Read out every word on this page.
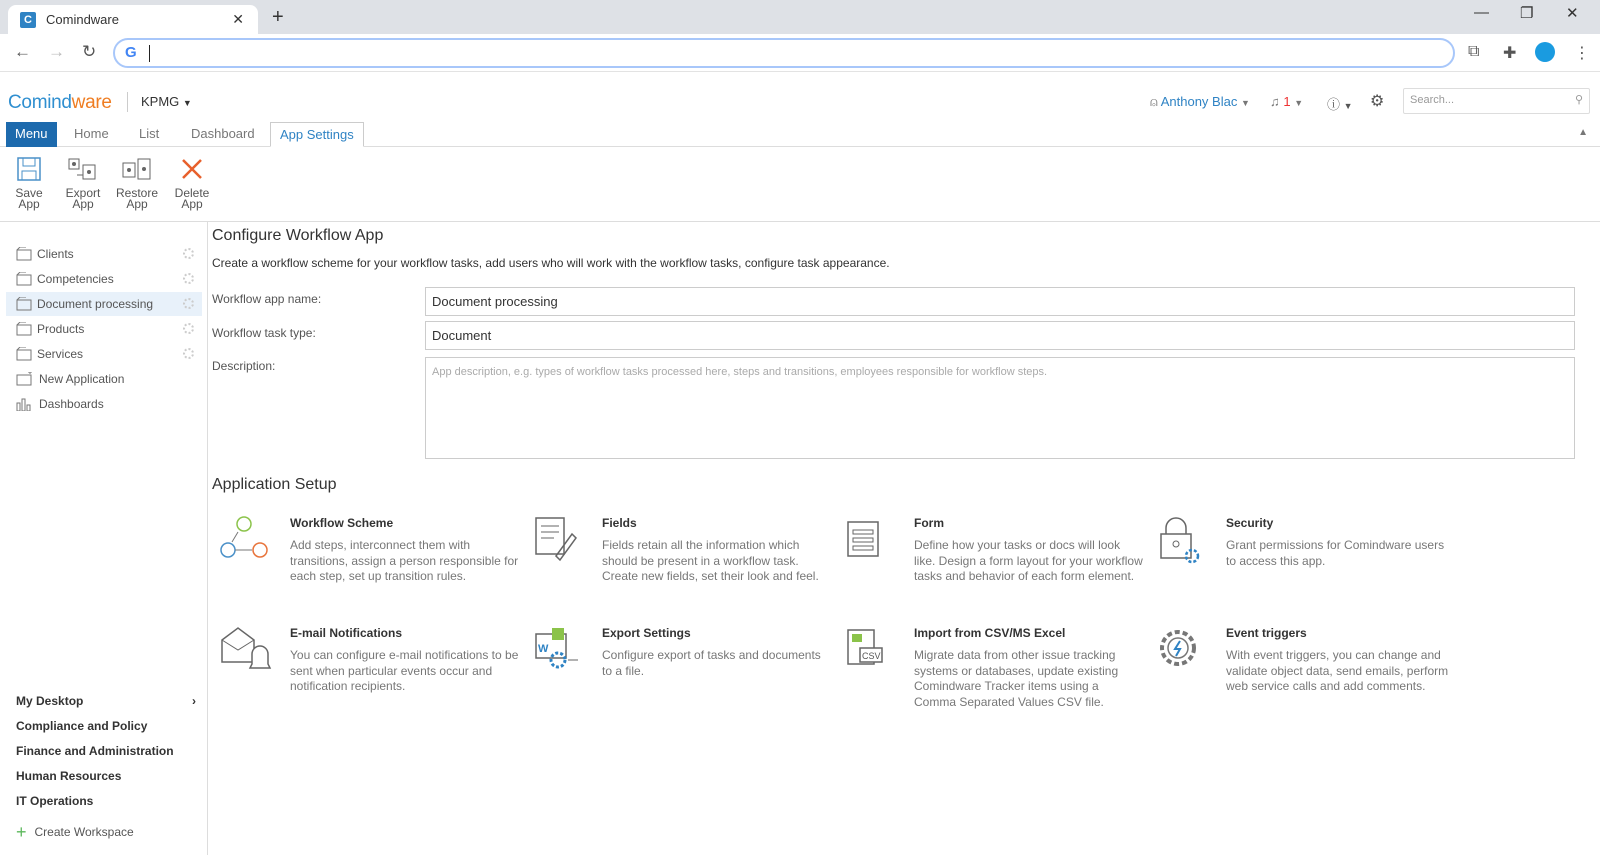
C	Comindware	✕ +	— ❐ ✕
← → ↻ G	⧉ ✚	⋮
Comindware KPMG ▼	⍝ Anthony Blac ▼ ♫ 1 ▼ ⓘ ▼ ⚙	Search...	⚲
Menu	Home	List	Dashboard	App Settings	▲
Save
App
Export
App
Restore
App
Delete
App
Clients
Competencies
Document processing
Products
Services
New Application
Dashboards
My Desktop	›
Compliance and Policy
Finance and Administration
Human Resources
IT Operations
+ Create Workspace
Configure Workflow App
Create a workflow scheme for your workflow tasks, add users who will work with the workflow tasks, configure task appearance.
Workflow app name:	Document processing
Workflow task type:	Document
Description:	App description, e.g. types of workflow tasks processed here, steps and transitions, employees responsible for workflow steps.
Application Setup
Workflow Scheme
Add steps, interconnect them with transitions, assign a person responsible for each step, set up transition rules.
Fields
Fields retain all the information which should be present in a workflow task. Create new fields, set their look and feel.
Form
Define how your tasks or docs will look like. Design a form layout for your workflow tasks and behavior of each form element.
Security
Grant permissions for Comindware users to access this app.
E-mail Notifications
You can configure e-mail notifications to be sent when particular events occur and notification recipients.
W
Export Settings
Configure export of tasks and documents to a file.
CSV
Import from CSV/MS Excel
Migrate data from other issue tracking systems or databases, update existing Comindware Tracker items using a Comma Separated Values CSV file.
Event triggers
With event triggers, you can change and validate object data, send emails, perform web service calls and add comments.
